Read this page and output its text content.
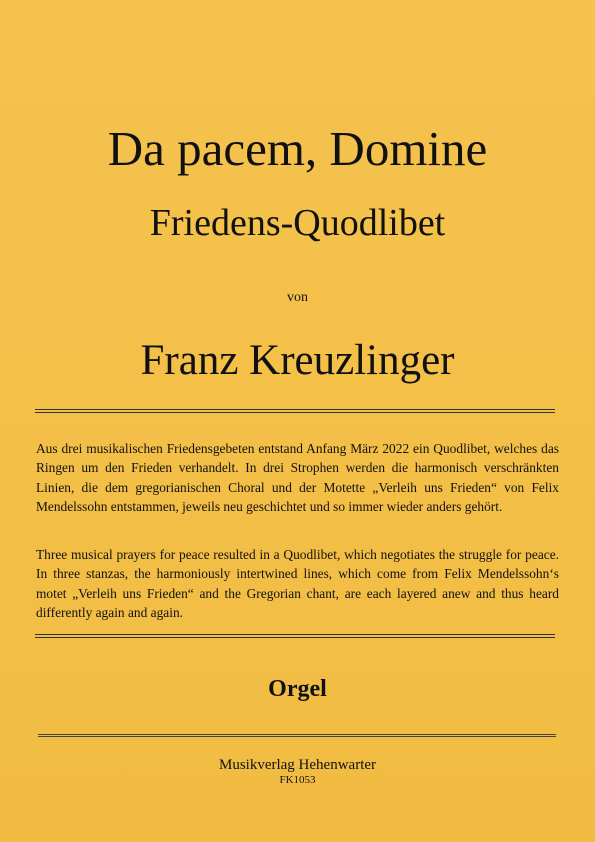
Da pacem, Domine
Friedens-Quodlibet
von
Franz Kreuzlinger

Aus drei musikalischen Friedensgebeten entstand Anfang März 2022 ein Quodlibet, welches das Ringen um den Frieden verhandelt. In drei Strophen werden die harmonisch verschränkten Linien, die dem gregorianischen Choral und der Motette „Verleih uns Frieden“ von Felix Mendelssohn entstammen, jeweils neu geschichtet und so immer wieder anders gehört.

Three musical prayers for peace resulted in a Quodlibet, which negotiates the struggle for peace. In three stanzas, the harmoniously intertwined lines, which come from Felix Mendelssohn‘s motet „Verleih uns Frieden“ and the Gregorian chant, are each layered anew and thus heard differently again and again.

Orgel
Musikverlag Hehenwarter
FK1053
